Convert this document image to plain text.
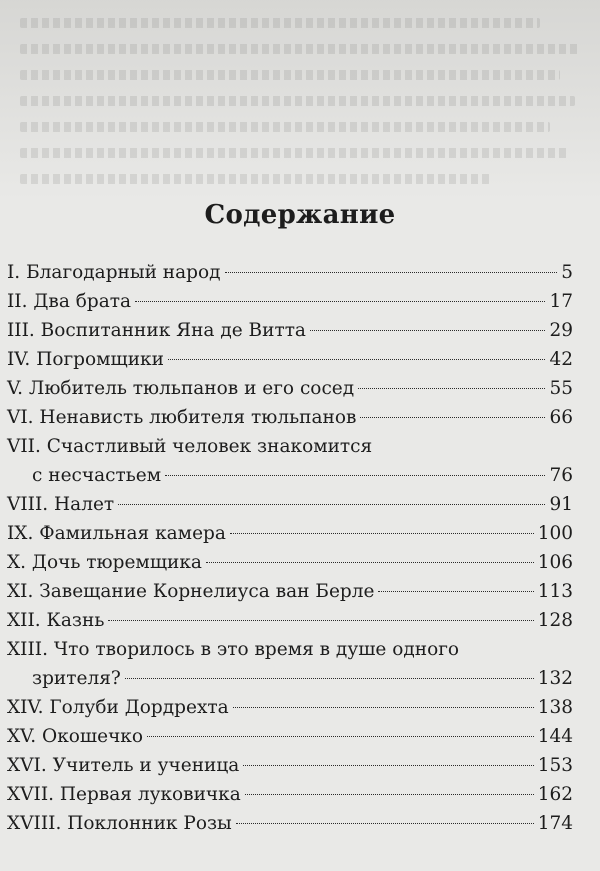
Содержание
I. Благодарный народ	5
II. Два брата	17
III. Воспитанник Яна де Витта	29
IV. Погромщики	42
V. Любитель тюльпанов и его сосед	55
VI. Ненависть любителя тюльпанов	66
VII. Счастливый человек знакомится
с несчастьем	76
VIII. Налет	91
IX. Фамильная камера	100
X. Дочь тюремщика	106
XI. Завещание Корнелиуса ван Берле	113
XII. Казнь	128
XIII. Что творилось в это время в душе одного
зрителя?	132
XIV. Голуби Дордрехта	138
XV. Окошечко	144
XVI. Учитель и ученица	153
XVII. Первая луковичка	162
XVIII. Поклонник Розы	174
